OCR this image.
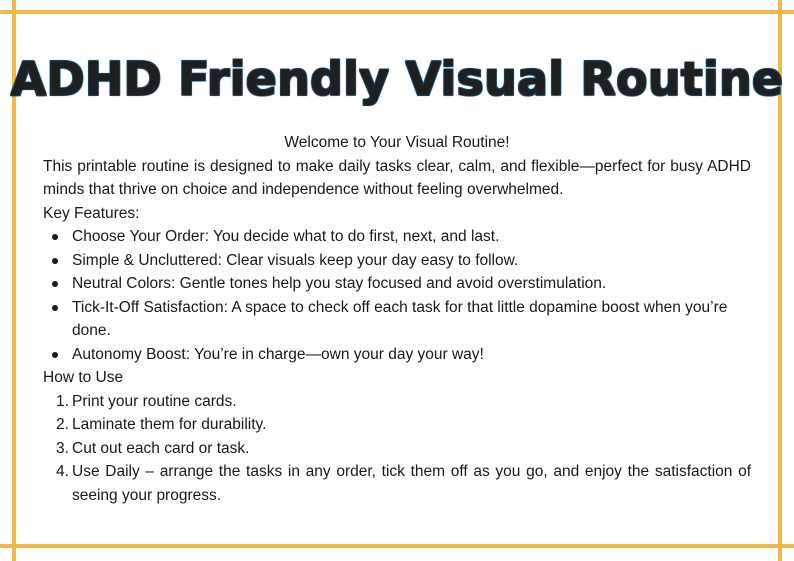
ADHD Friendly Visual Routine
Welcome to Your Visual Routine!
This printable routine is designed to make daily tasks clear, calm, and flexible—perfect for busy ADHD minds that thrive on choice and independence without feeling overwhelmed.
Key Features:
Choose Your Order: You decide what to do first, next, and last.
Simple & Uncluttered: Clear visuals keep your day easy to follow.
Neutral Colors: Gentle tones help you stay focused and avoid overstimulation.
Tick-It-Off Satisfaction: A space to check off each task for that little dopamine boost when you’re done.
Autonomy Boost: You’re in charge—own your day your way!
How to Use
1. Print your routine cards.
2. Laminate them for durability.
3. Cut out each card or task.
4. Use Daily – arrange the tasks in any order, tick them off as you go, and enjoy the satisfaction of seeing your progress.
